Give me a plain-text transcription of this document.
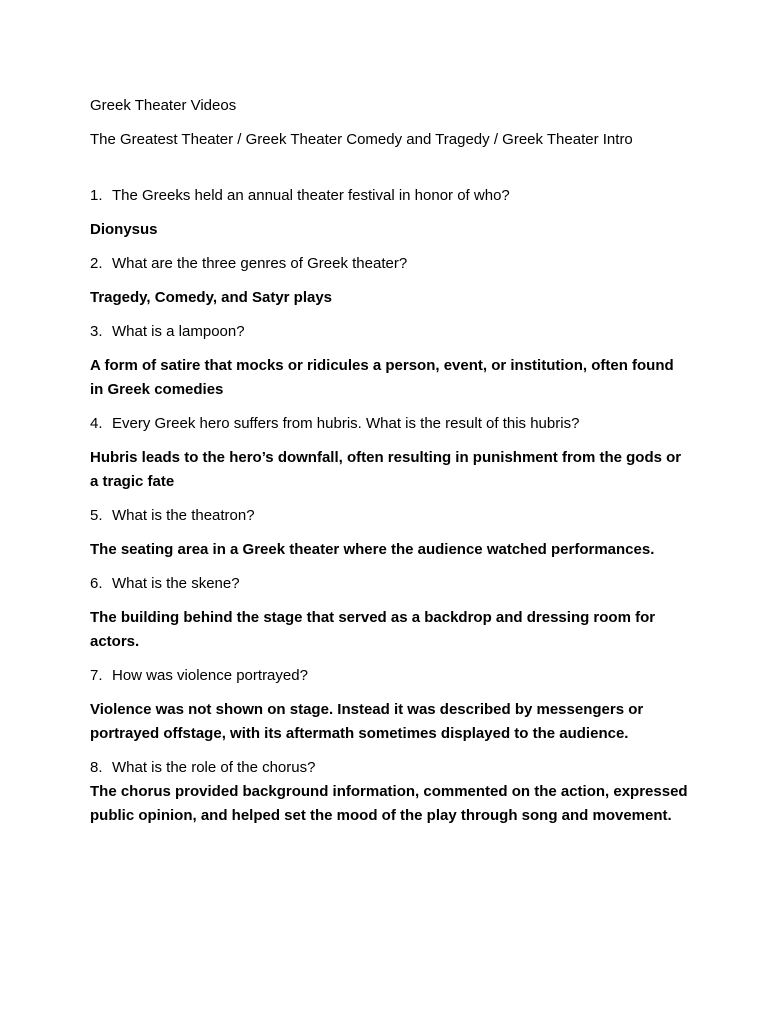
Greek Theater Videos

The Greatest Theater / Greek Theater Comedy and Tragedy / Greek Theater Intro

1. The Greeks held an annual theater festival in honor of who?

Dionysus

2. What are the three genres of Greek theater?

Tragedy, Comedy, and Satyr plays

3. What is a lampoon?

A form of satire that mocks or ridicules a person, event, or institution, often found in Greek comedies

4. Every Greek hero suffers from hubris. What is the result of this hubris?

Hubris leads to the hero’s downfall, often resulting in punishment from the gods or a tragic fate

5. What is the theatron?

The seating area in a Greek theater where the audience watched performances.

6. What is the skene?

The building behind the stage that served as a backdrop and dressing room for actors.

7. How was violence portrayed?

Violence was not shown on stage. Instead it was described by messengers or portrayed offstage, with its aftermath sometimes displayed to the audience.

8. What is the role of the chorus?

The chorus provided background information, commented on the action, expressed public opinion, and helped set the mood of the play through song and movement.
